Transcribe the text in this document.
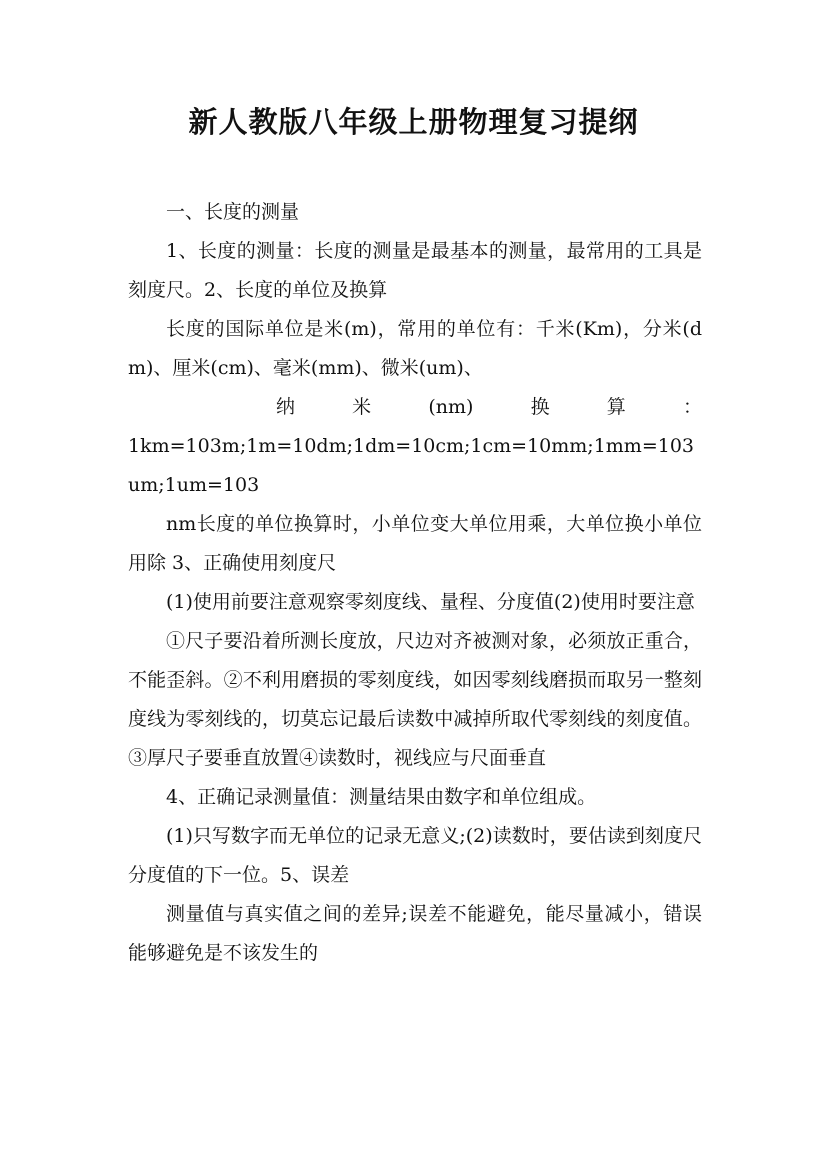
新人教版八年级上册物理复习提纲

一、长度的测量

1、长度的测量：长度的测量是最基本的测量，最常用的工具是刻度尺。2、长度的单位及换算

长度的国际单位是米(m)，常用的单位有：千米(Km)，分米(dm)、厘米(cm)、毫米(mm)、微米(um)、

纳	米	(nm)	换	算	：
1km=103m;1m=10dm;1dm=10cm;1cm=10mm;1mm=103um;1um=103

nm长度的单位换算时，小单位变大单位用乘，大单位换小单位用除 3、正确使用刻度尺

(1)使用前要注意观察零刻度线、量程、分度值(2)使用时要注意

①尺子要沿着所测长度放，尺边对齐被测对象，必须放正重合，不能歪斜。②不利用磨损的零刻度线，如因零刻线磨损而取另一整刻度线为零刻线的，切莫忘记最后读数中减掉所取代零刻线的刻度值。③厚尺子要垂直放置④读数时，视线应与尺面垂直

4、正确记录测量值：测量结果由数字和单位组成。

(1)只写数字而无单位的记录无意义;(2)读数时，要估读到刻度尺分度值的下一位。5、误差

测量值与真实值之间的差异;误差不能避免，能尽量减小，错误能够避免是不该发生的
